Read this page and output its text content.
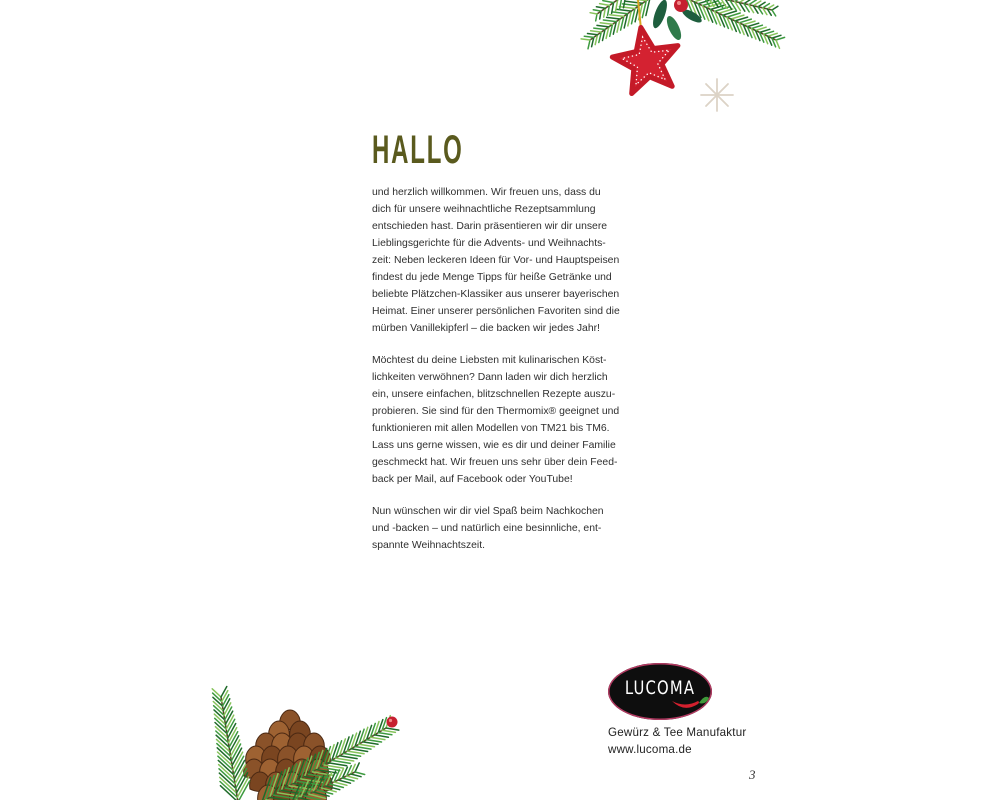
HALLO

und herzlich willkommen. Wir freuen uns, dass du
dich für unsere weihnachtliche Rezeptsammlung
entschieden hast. Darin präsentieren wir dir unsere
Lieblingsgerichte für die Advents- und Weihnachts-
zeit: Neben leckeren Ideen für Vor- und Hauptspeisen
findest du jede Menge Tipps für heiße Getränke und
beliebte Plätzchen-Klassiker aus unserer bayerischen
Heimat. Einer unserer persönlichen Favoriten sind die
mürben Vanillekipferl – die backen wir jedes Jahr!

Möchtest du deine Liebsten mit kulinarischen Köst-
lichkeiten verwöhnen? Dann laden wir dich herzlich
ein, unsere einfachen, blitzschnellen Rezepte auszu-
probieren. Sie sind für den Thermomix® geeignet und
funktionieren mit allen Modellen von TM21 bis TM6.
Lass uns gerne wissen, wie es dir und deiner Familie
geschmeckt hat. Wir freuen uns sehr über dein Feed-
back per Mail, auf Facebook oder YouTube!

Nun wünschen wir dir viel Spaß beim Nachkochen
und -backen – und natürlich eine besinnliche, ent-
spannte Weihnachtszeit.

LUCOMA
Gewürz & Tee Manufaktur
www.lucoma.de
3
